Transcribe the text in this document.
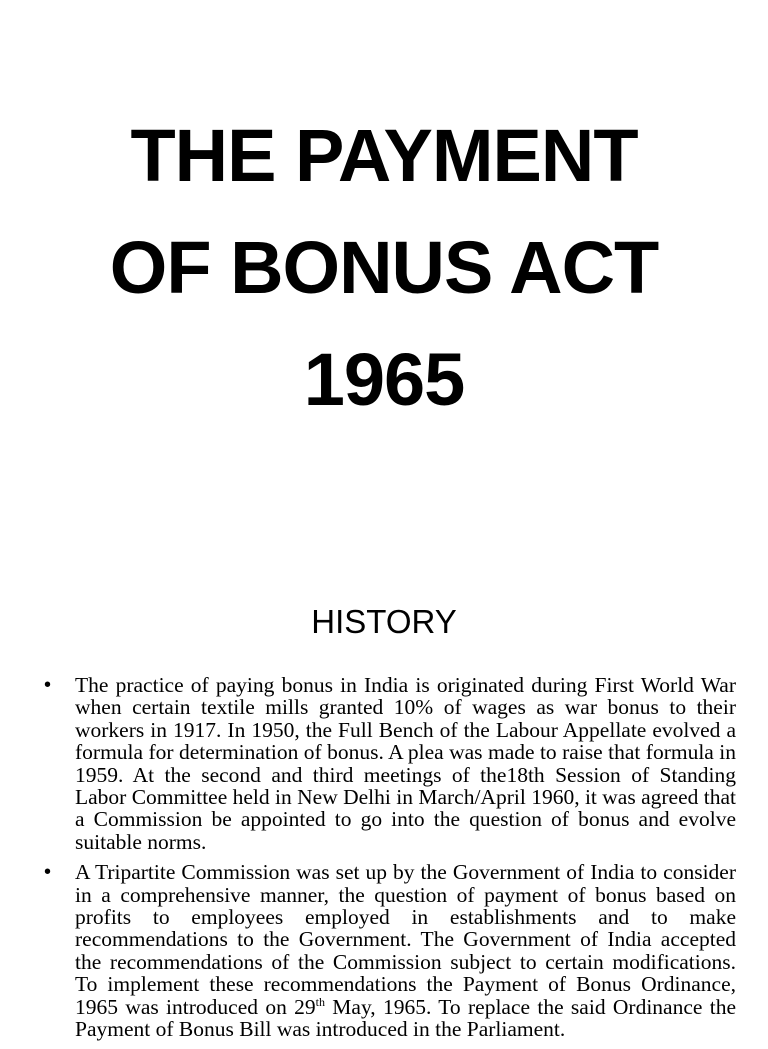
THE PAYMENT
OF BONUS ACT
1965
HISTORY
• The practice of paying bonus in India is originated during First World War when certain textile mills granted 10% of wages as war bonus to their workers in 1917. In 1950, the Full Bench of the Labour Appellate evolved a formula for determination of bonus. A plea was made to raise that formula in 1959. At the second and third meetings of the18th Session of Standing Labor Committee held in New Delhi in March/April 1960, it was agreed that a Commission be appointed to go into the question of bonus and evolve suitable norms.
• A Tripartite Commission was set up by the Government of India to consider in a comprehensive manner, the question of payment of bonus based on profits to employees employed in establishments and to make recommendations to the Government. The Government of India accepted the recommendations of the Commission subject to certain modifications. To implement these recommendations the Payment of Bonus Ordinance, 1965 was introduced on 29th May, 1965. To replace the said Ordinance the Payment of Bonus Bill was introduced in the Parliament.
